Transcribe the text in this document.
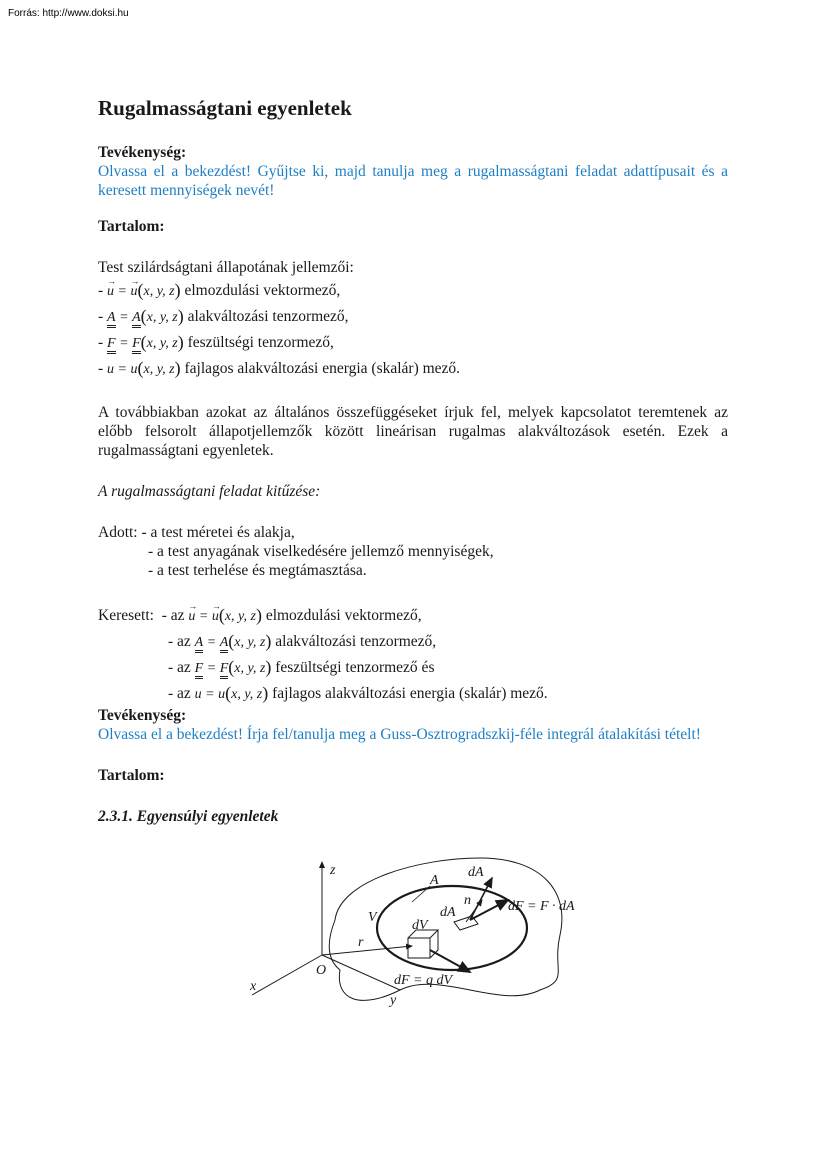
Forrás: http://www.doksi.hu
Rugalmasságtani egyenletek
Tevékenység:

Olvassa el a bekezdést! Gyűjtse ki, majd tanulja meg a rugalmasságtani feladat adattípusait és a keresett mennyiségek nevét!

Tartalom:

Test szilárdságtani állapotának jellemzői:

- → u = → u(x, y, z) elmozdulási vektormező,
- A = A(x, y, z) alakváltozási tenzormező,
- F = F(x, y, z) feszültségi tenzormező,
- u = u(x, y, z) fajlagos alakváltozási energia (skalár) mező.

A továbbiakban azokat az általános összefüggéseket írjuk fel, melyek kapcsolatot teremtenek az előbb felsorolt állapotjellemzők között lineárisan rugalmas alakváltozások esetén. Ezek a rugalmasságtani egyenletek.

A rugalmasságtani feladat kitűzése:

Adott: - a test méretei és alakja,
- a test anyagának viselkedésére jellemző mennyiségek,
- a test terhelése és megtámasztása.
Keresett: - az → u = → u(x, y, z) elmozdulási vektormező,
- az A = A(x, y, z) alakváltozási tenzormező,
- az F = F(x, y, z) feszültségi tenzormező és
- az u = u(x, y, z) fajlagos alakváltozási energia (skalár) mező.
Tevékenység:

Olvassa el a bekezdést! Írja fel/tanulja meg a Guss-Osztrogradszkij-féle integrál átalakítási tételt!

Tartalom:
2.3.1. Egyensúlyi egyenletek
z
x
y
O
V
A
dV
dA
r
n
dA
dF = F · dA
dF = q dV
